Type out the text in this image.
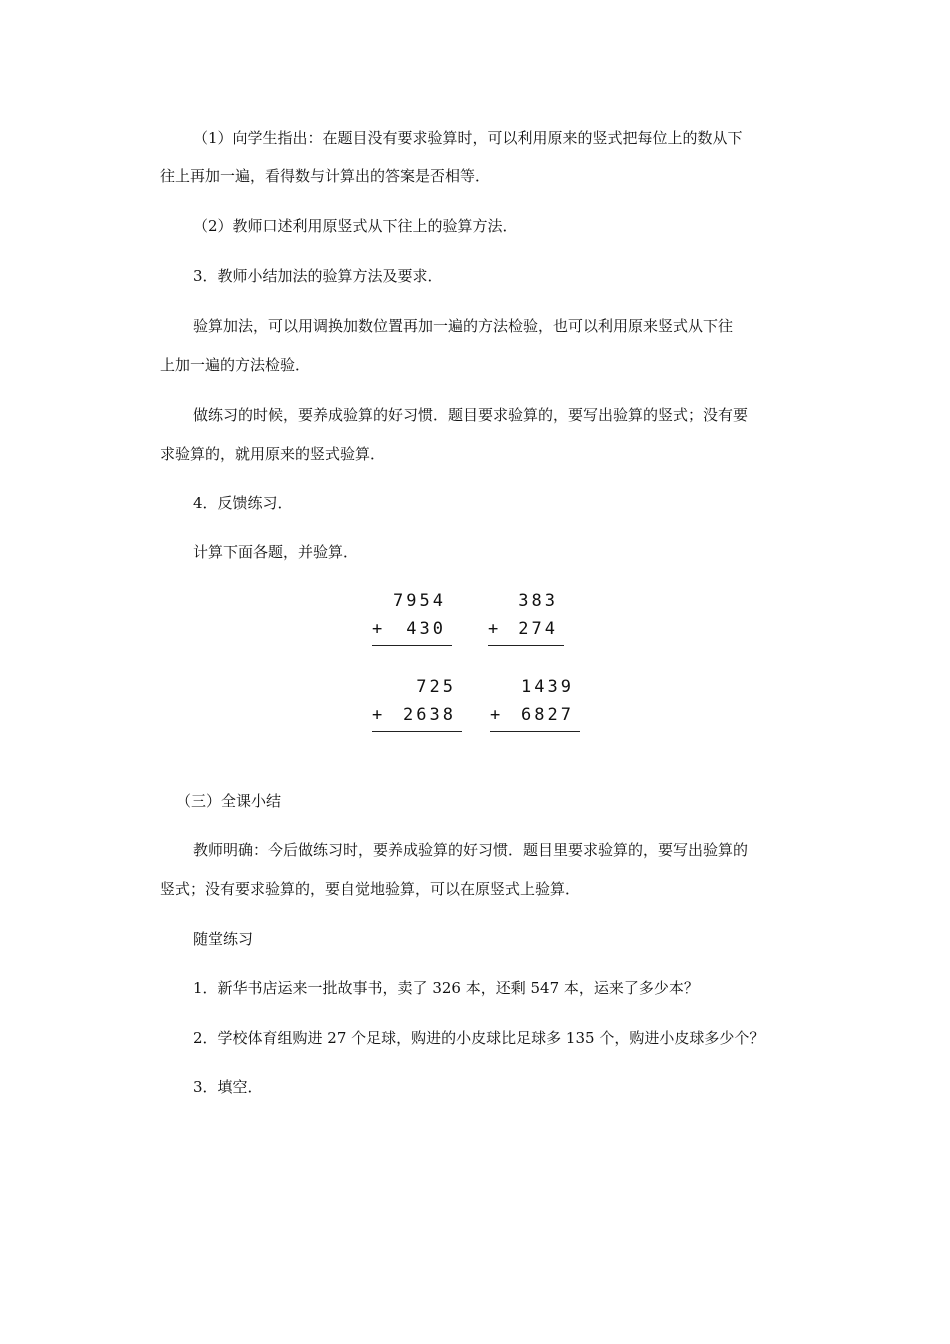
（1）向学生指出：在题目没有要求验算时，可以利用原来的竖式把每位上的数从下

往上再加一遍，看得数与计算出的答案是否相等．

（2）教师口述利用原竖式从下往上的验算方法．

3．教师小结加法的验算方法及要求．

验算加法，可以用调换加数位置再加一遍的方法检验，也可以利用原来竖式从下往

上加一遍的方法检验．

做练习的时候，要养成验算的好习惯．题目要求验算的，要写出验算的竖式；没有要

求验算的，就用原来的竖式验算．

4．反馈练习．

计算下面各题，并验算．

7954
+ 430
383
+ 274
725
+ 2638
1439
+ 6827

（三）全课小结

教师明确：今后做练习时，要养成验算的好习惯．题目里要求验算的，要写出验算的

竖式；没有要求验算的，要自觉地验算，可以在原竖式上验算．

随堂练习

1．新华书店运来一批故事书，卖了 326 本，还剩 547 本，运来了多少本？

2．学校体育组购进 27 个足球，购进的小皮球比足球多 135 个，购进小皮球多少个？

3．填空．
